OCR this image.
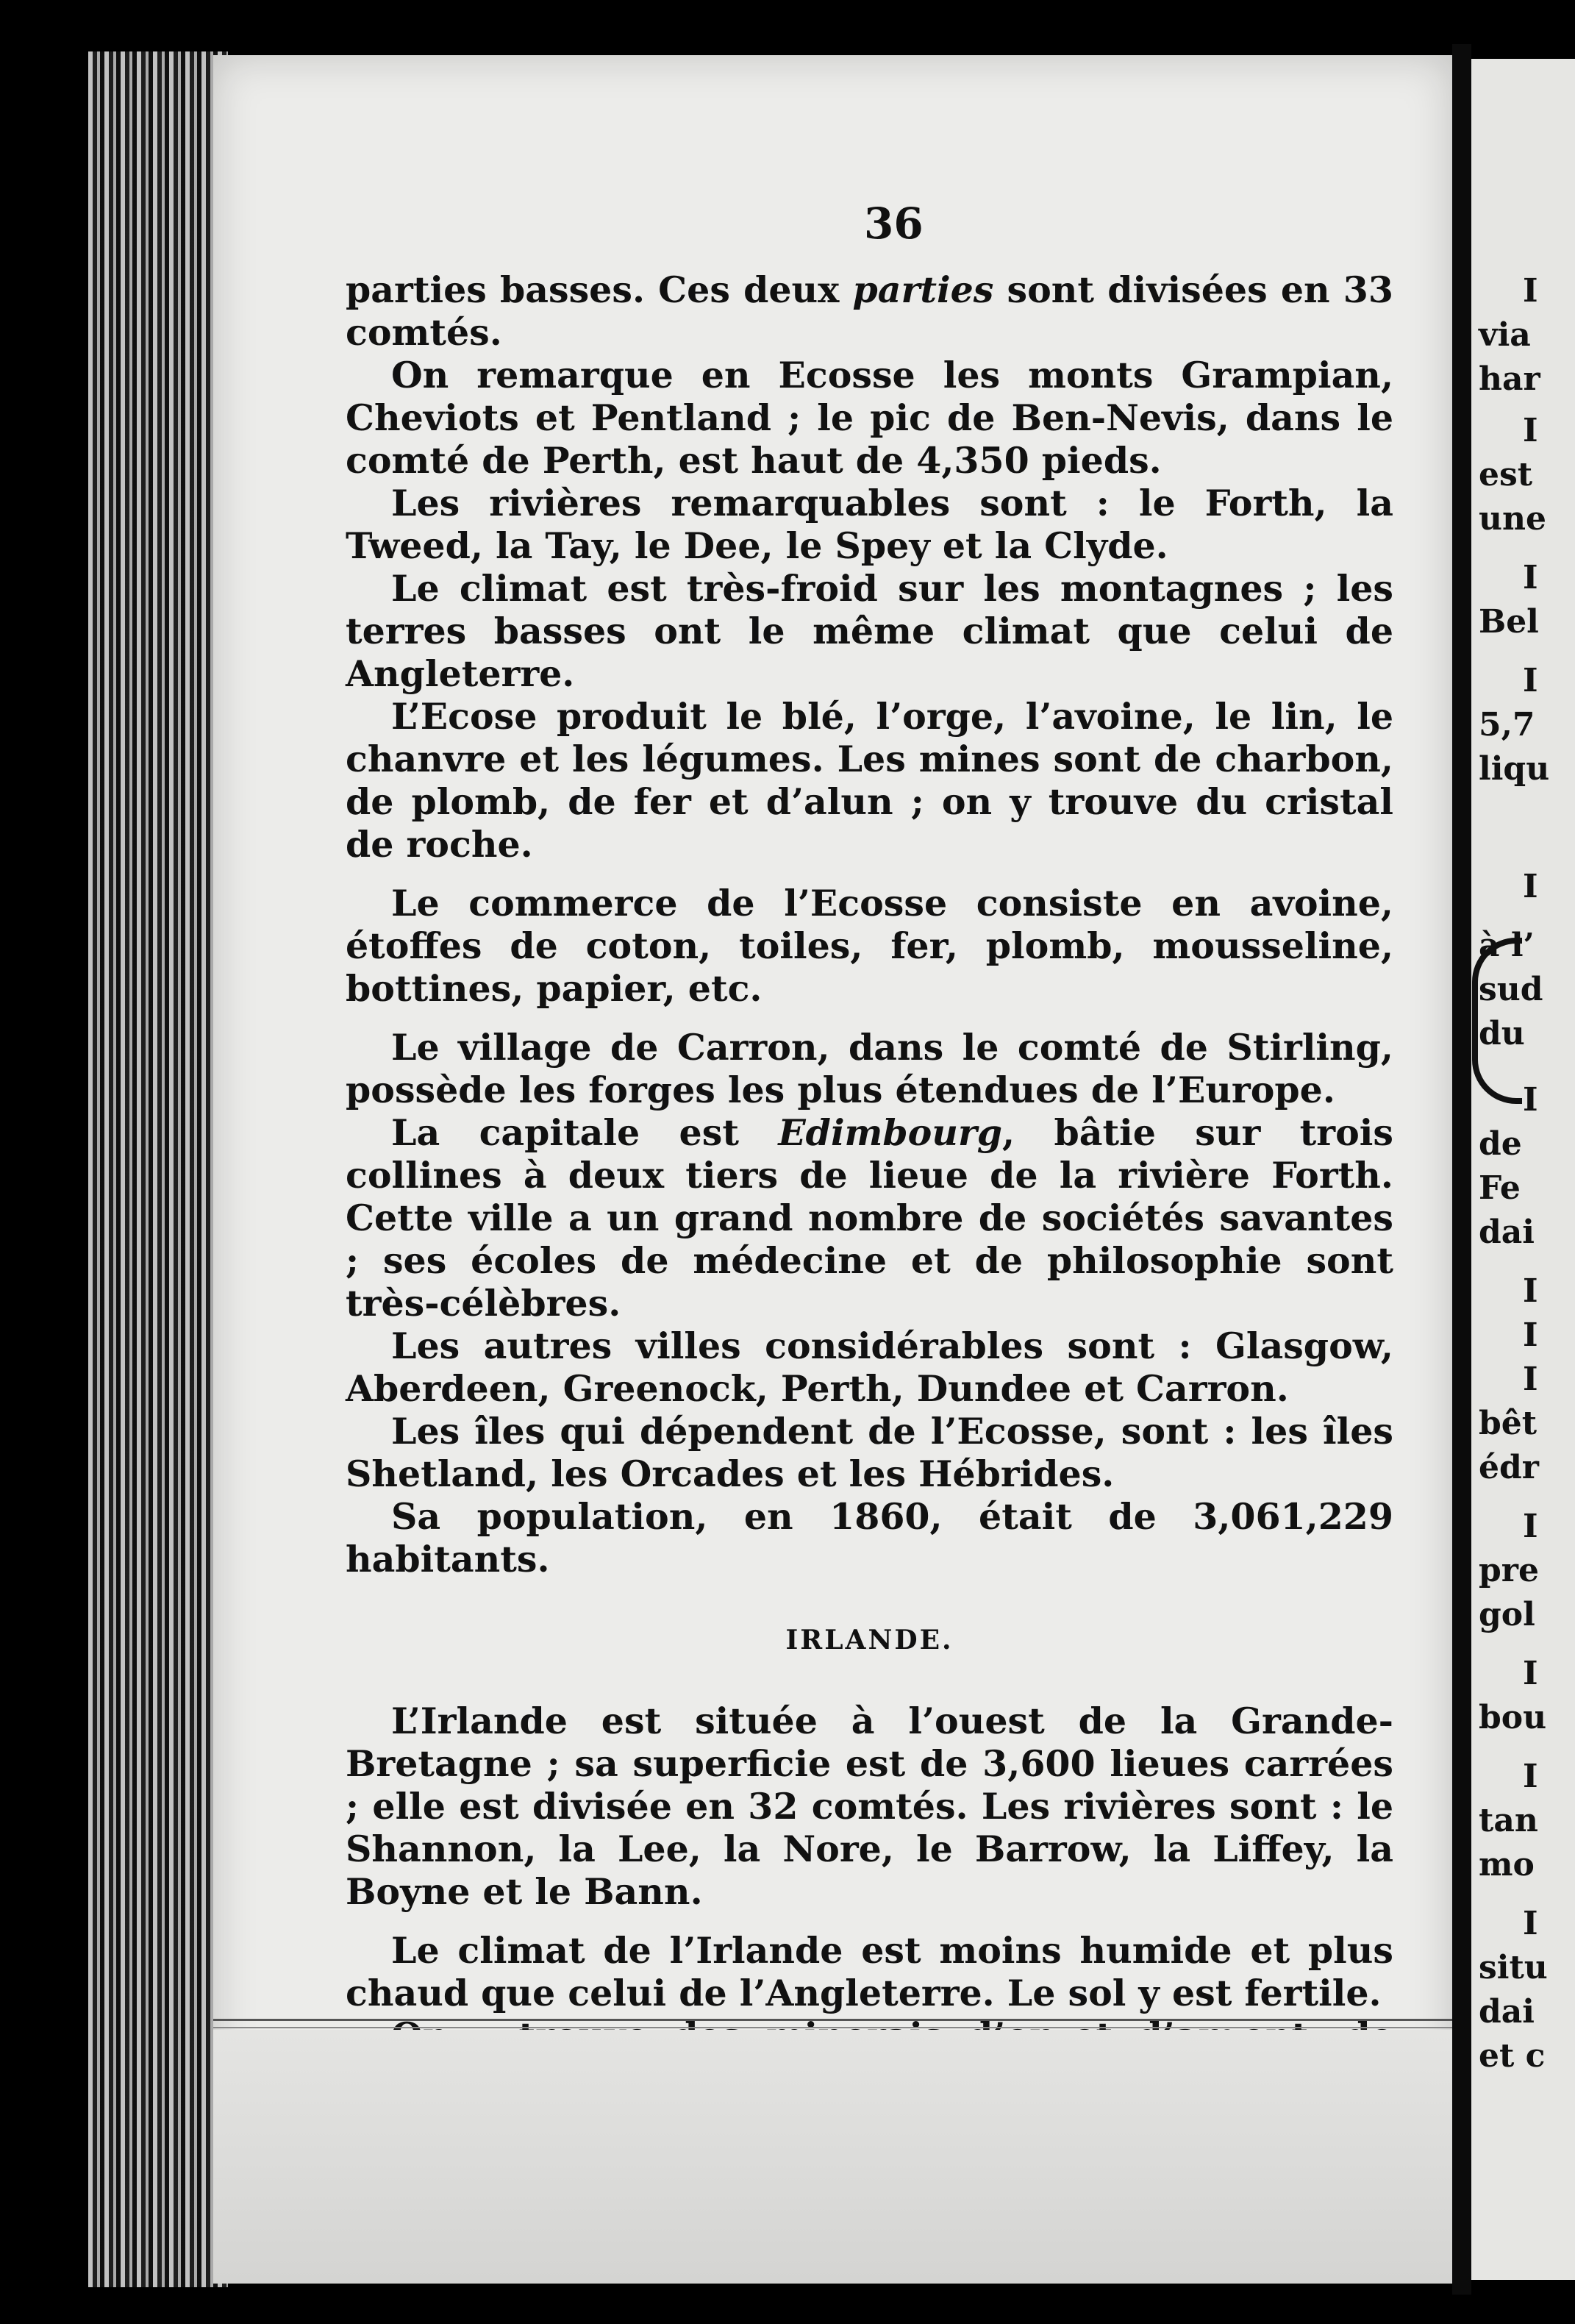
I
via
har
I
est
une
I
Bel
I
5,7
liqu
I
à l’
sud
du
I
de
Fe
dai
I
I
I
bêt
édr
I
pre
gol
I
bou
I
tan
mo
I
situ
dai
et c
36

parties basses. Ces deux parties sont divisées en 33 comtés.

On remarque en Ecosse les monts Grampian, Cheviots et Pentland ; le pic de Ben-Nevis, dans le comté de Perth, est haut de 4,350 pieds.

Les rivières remarquables sont : le Forth, la Tweed, la Tay, le Dee, le Spey et la Clyde.

Le climat est très-froid sur les montagnes ; les terres basses ont le même climat que celui de Angleterre.

L’Ecose produit le blé, l’orge, l’avoine, le lin, le chanvre et les légumes. Les mines sont de charbon, de plomb, de fer et d’alun ; on y trouve du cristal de roche.

Le commerce de l’Ecosse consiste en avoine, étoffes de coton, toiles, fer, plomb, mousseline, bottines, papier, etc.

Le village de Carron, dans le comté de Stirling, possède les forges les plus étendues de l’Europe.

La capitale est Edimbourg, bâtie sur trois collines à deux tiers de lieue de la rivière Forth. Cette ville a un grand nombre de sociétés savantes ; ses écoles de médecine et de philosophie sont très-célèbres.

Les autres villes considérables sont : Glasgow, Aberdeen, Greenock, Perth, Dundee et Carron.

Les îles qui dépendent de l’Ecosse, sont : les îles Shetland, les Orcades et les Hébrides.

Sa population, en 1860, était de 3,061,229 habitants.

IRLANDE.

L’Irlande est située à l’ouest de la Grande-Bretagne ; sa superficie est de 3,600 lieues carrées ; elle est divisée en 32 comtés. Les rivières sont : le Shannon, la Lee, la Nore, le Barrow, la Liffey, la Boyne et le Bann.

Le climat de l’Irlande est moins humide et plus chaud que celui de l’Angleterre. Le sol y est fertile.
